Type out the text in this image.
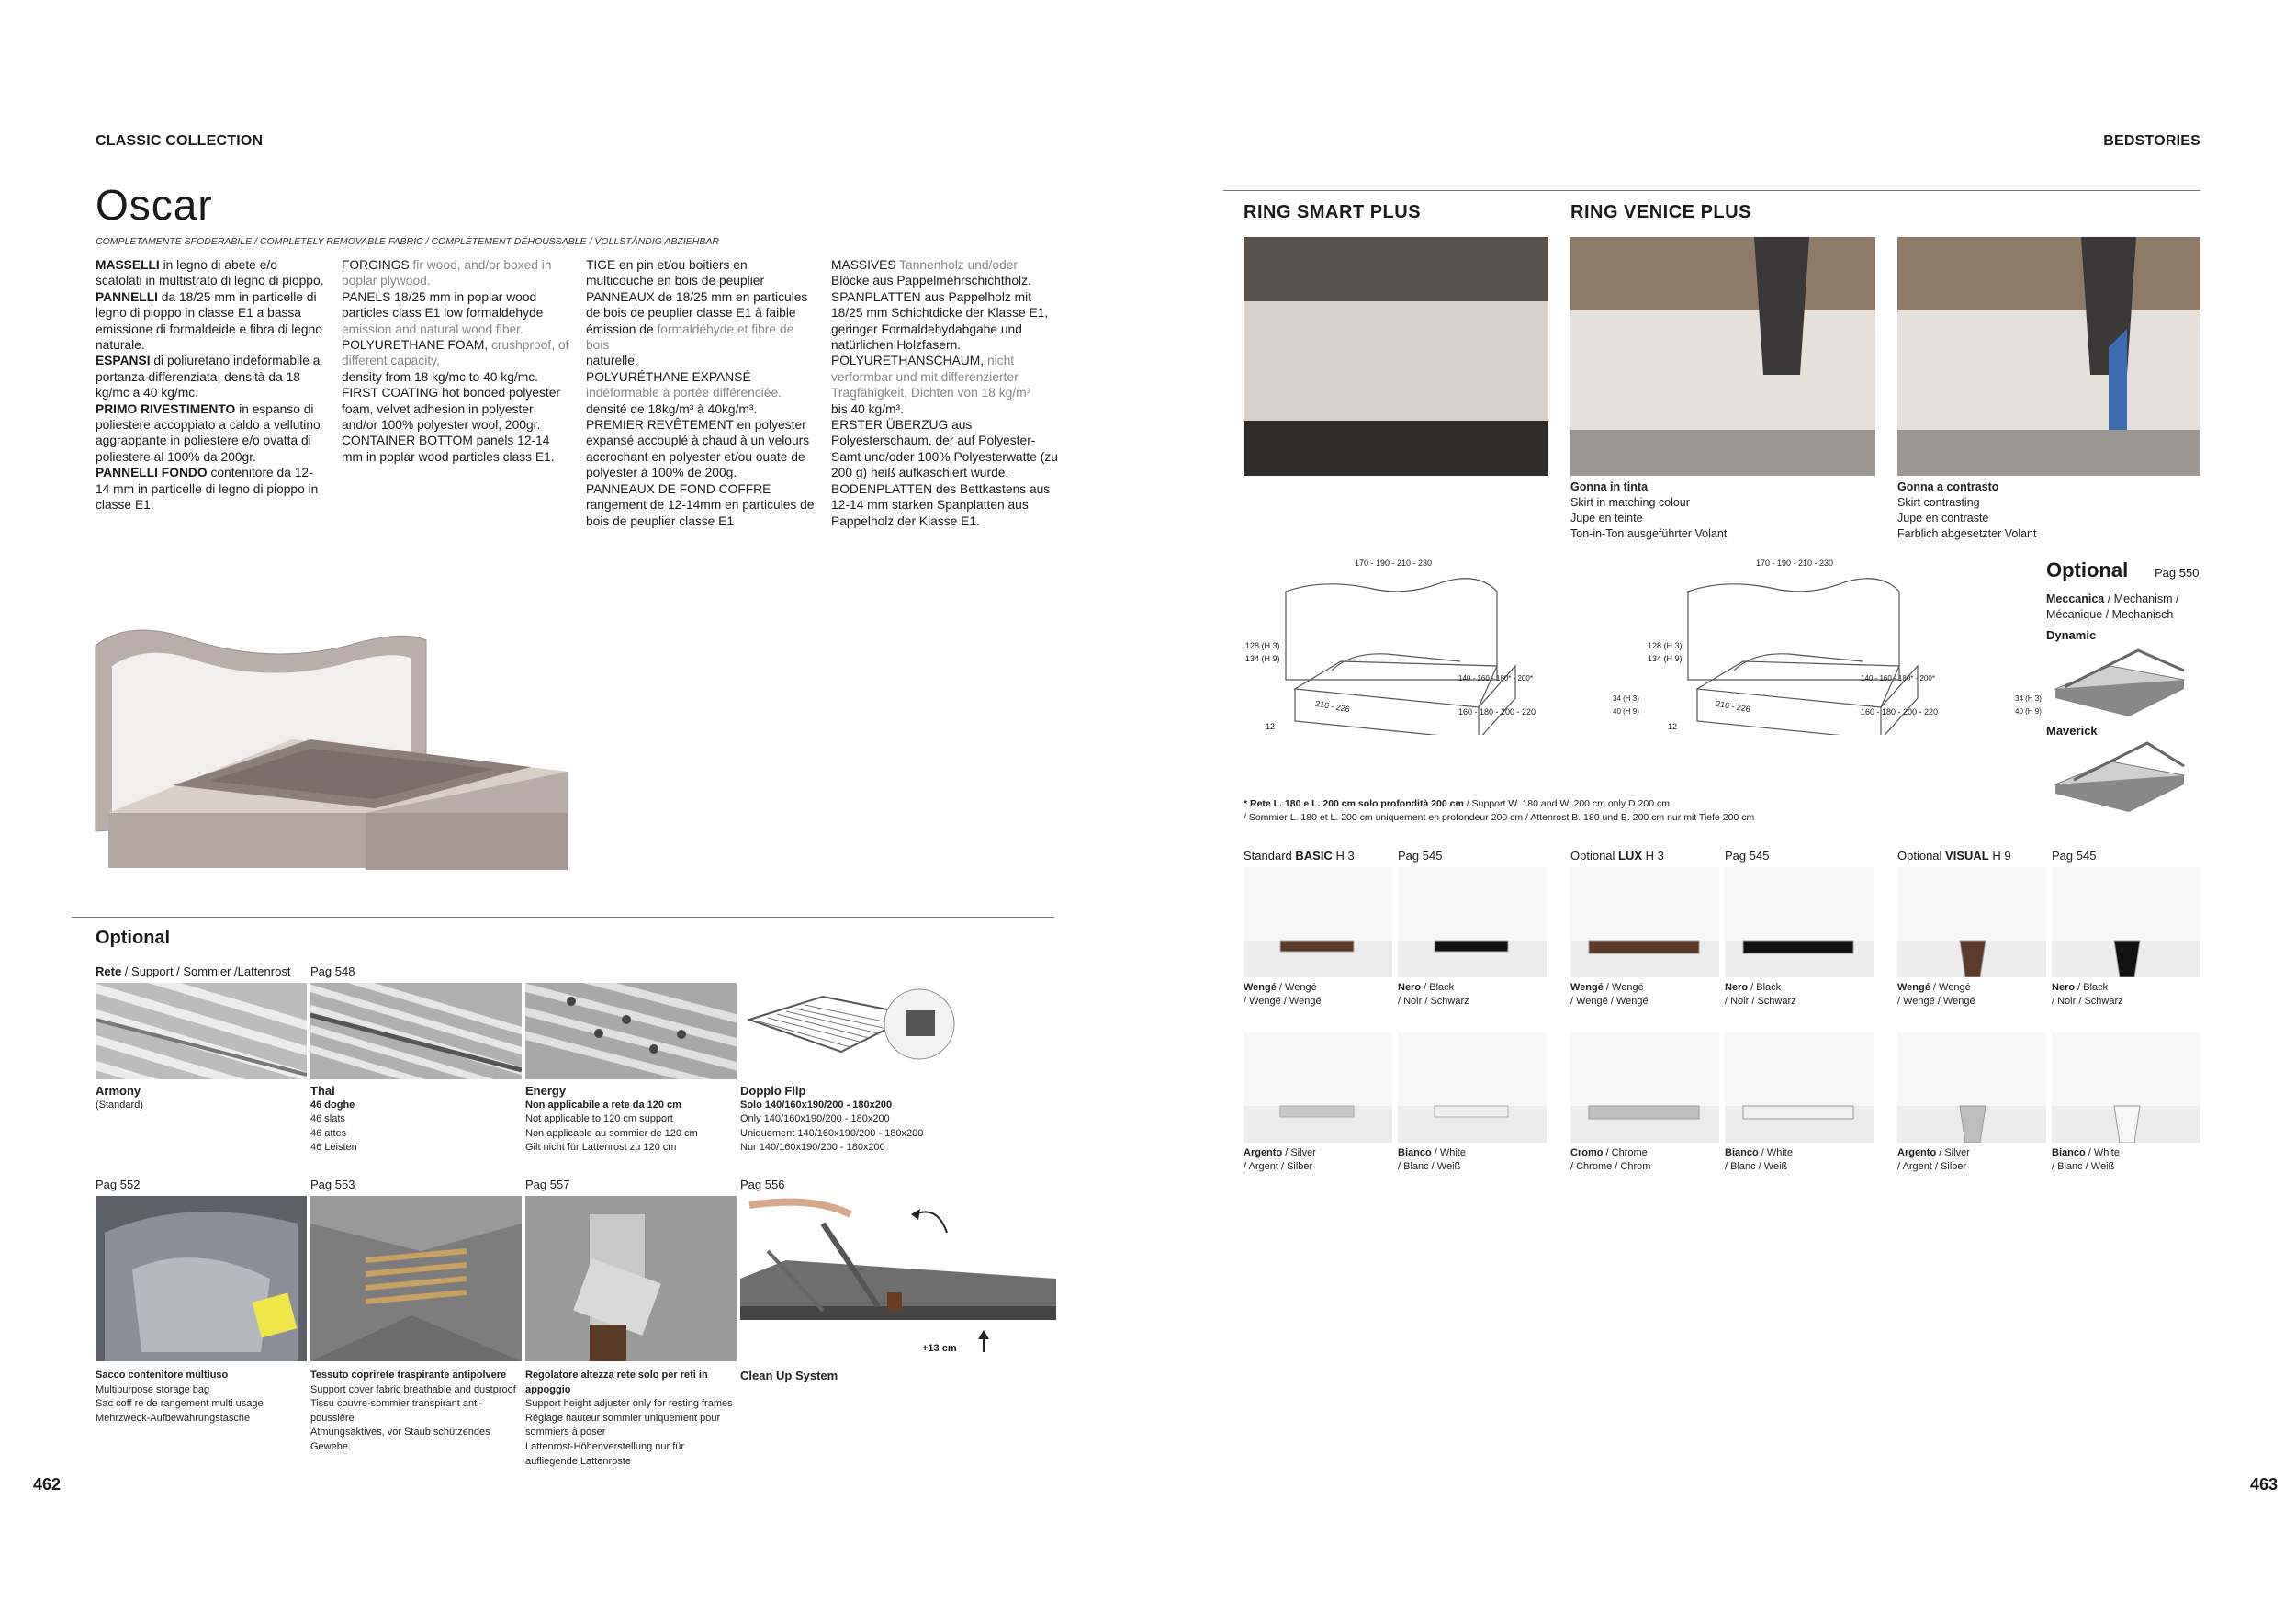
CLASSIC COLLECTION
Oscar
COMPLETAMENTE SFODERABILE / COMPLETELY REMOVABLE FABRIC / COMPLÈTEMENT DÉHOUSSABLE / VOLLSTÄNDIG ABZIEHBAR
MASSELLI in legno di abete e/o scatolati in multistrato di legno di pioppo.
PANNELLI da 18/25 mm in particelle di legno di pioppo in classe E1 a bassa emissione di formaldeide e fibra di legno naturale.
ESPANSI di poliuretano indeformabile a portanza differenziata, densità da 18 kg/mc a 40 kg/mc.
PRIMO RIVESTIMENTO in espanso di poliestere accoppiato a caldo a vellutino aggrappante in poliestere e/o ovatta di poliestere al 100% da 200gr.
PANNELLI FONDO contenitore da 12-14 mm in particelle di legno di pioppo in classe E1.
FORGINGS fir wood, and/or boxed in poplar plywood.
PANELS 18/25 mm in poplar wood particles class E1 low formaldehyde emission and natural wood fiber.
POLYURETHANE FOAM, crushproof, of different capacity,
density from 18 kg/mc to 40 kg/mc.
FIRST COATING hot bonded polyester foam, velvet adhesion in polyester and/or 100% polyester wool, 200gr.
CONTAINER BOTTOM panels 12-14 mm in poplar wood particles class E1.
TIGE en pin et/ou boitiers en multicouche en bois de peuplier
PANNEAUX de 18/25 mm en particules de bois de peuplier classe E1 à faible émission de formaldéhyde et fibre de bois
naturelle.
POLYURÉTHANE EXPANSÉ indéformable à portée différenciée.
densité de 18kg/m³ à 40kg/m³.
PREMIER REVÊTEMENT en polyester expansé accouplé à chaud à un velours accrochant en polyester et/ou ouate de polyester à 100% de 200g.
PANNEAUX DE FOND COFFRE rangement de 12-14mm en particules de bois de peuplier classe E1
MASSIVES Tannenholz und/oder
Blöcke aus Pappelmehrschichtholz.
SPANPLATTEN aus Pappelholz mit 18/25 mm Schichtdicke der Klasse E1, geringer Formaldehydabgabe und natürlichen Holzfasern.
POLYURETHANSCHAUM, nicht verformbar und mit differenzierter Tragfähigkeit, Dichten von 18 kg/m³
bis 40 kg/m³.
ERSTER ÜBERZUG aus Polyesterschaum, der auf Polyester-Samt und/oder 100% Polyesterwatte (zu 200 g) heiß aufkaschiert wurde.
BODENPLATTEN des Bettkastens aus 12-14 mm starken Spanplatten aus Pappelholz der Klasse E1.
Optional
Rete / Support / Sommier /Lattenrost Pag 548
Armony
(Standard)
Thai
46 doghe
46 slats
46 attes
46 Leisten
Energy
Non applicabile a rete da 120 cm
Not applicable to 120 cm support
Non applicable au sommier de 120 cm
Gilt nicht für Lattenrost zu 120 cm
Doppio Flip
Solo 140/160x190/200 - 180x200
Only 140/160x190/200 - 180x200
Uniquement 140/160x190/200 - 180x200
Nur 140/160x190/200 - 180x200
Pag 552	Pag 553	Pag 557	Pag 556
+13 cm
Sacco contenitore multiuso
Multipurpose storage bag
Sac coff re de rangement multi usage
Mehrzweck-Aufbewahrungstasche
Tessuto copriretе traspirante antipolvere
Support cover fabric breathable and dustproof
Tissu couvre-sommier transpirant anti-poussière
Atmungsaktives, vor Staub schützendes Gewebe
Regolatore altezza rete solo per reti in appoggio
Support height adjuster only for resting frames
Réglage hauteur sommier uniquement pour sommiers à poser
Lattenrost-Höhenverstellung nur für aufliegende Lattenroste
Clean Up System
462
BEDSTORIES
RING SMART PLUS	RING VENICE PLUS
Gonna in tinta
Skirt in matching colour
Jupe en teinte
Ton-in-Ton ausgeführter Volant
Gonna a contrasto
Skirt contrasting
Jupe en contraste
Farblich abgesetzter Volant
170 - 190 - 210 - 230
128 (H 3)
134 (H 9)
216 - 226
140 - 160 - 180* - 200*
160 - 180 - 200 - 220
34 (H 3)
40 (H 9)
12
170 - 190 - 210 - 230
128 (H 3)
134 (H 9)
216 - 226
140 - 160 - 180* - 200*
160 - 180 - 200 - 220
34 (H 3)
40 (H 9)
12
Optional Pag 550
Meccanica / Mechanism / Mécanique / Mechanisch
Dynamic
Maverick
* Rete L. 180 e L. 200 cm solo profondità 200 cm / Support W. 180 and W. 200 cm only D 200 cm
/ Sommier L. 180 et L. 200 cm uniquement en profondeur 200 cm / Attenrost B. 180 und B. 200 cm nur mit Tiefe 200 cm
Standard BASIC H 3	Pag 545
Wengé / Wengé
/ Wengé / Wengé
Nero / Black
/ Noir / Schwarz
Argento / Silver
/ Argent / Silber
Bianco / White
/ Blanc / Weiß
Optional LUX H 3	Pag 545
Wengé / Wengé
/ Wengé / Wengé
Nero / Black
/ Noir / Schwarz
Cromo / Chrome
/ Chrome / Chrom
Bianco / White
/ Blanc / Weiß
Optional VISUAL H 9	Pag 545
Wengé / Wengé
/ Wengé / Wengé
Nero / Black
/ Noir / Schwarz
Argento / Silver
/ Argent / Silber
Bianco / White
/ Blanc / Weiß
463
